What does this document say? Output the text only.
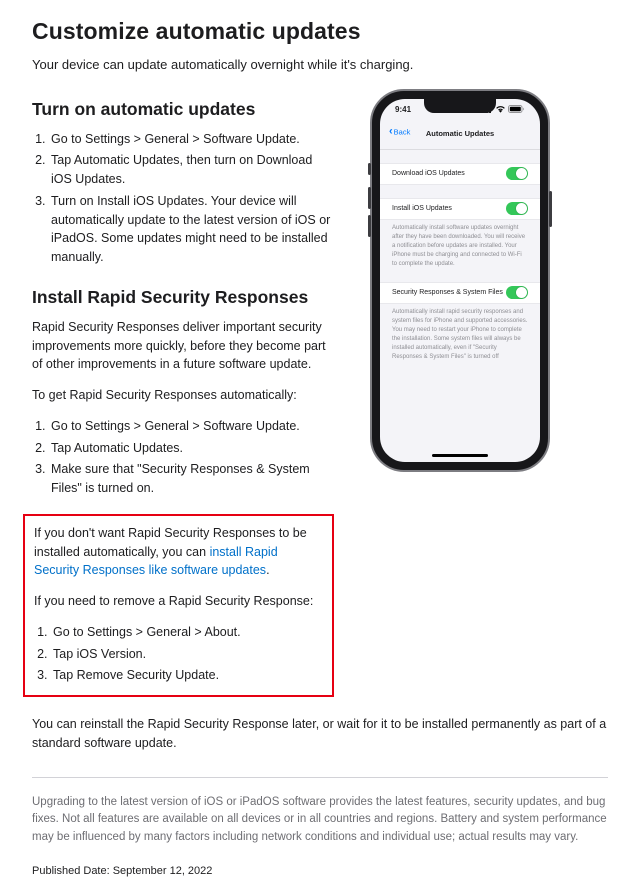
Customize automatic updates

Your device can update automatically overnight while it's charging.

Turn on automatic updates
1. Go to Settings > General > Software Update.
2. Tap Automatic Updates, then turn on Download iOS Updates.
3. Turn on Install iOS Updates. Your device will automatically update to the latest version of iOS or iPadOS. Some updates might need to be installed manually.
Install Rapid Security Responses

Rapid Security Responses deliver important security improvements more quickly, before they become part of other improvements in a future software update.

To get Rapid Security Responses automatically:

1. Go to Settings > General > Software Update.
2. Tap Automatic Updates.
3. Make sure that "Security Responses & System Files" is turned on.

If you don't want Rapid Security Responses to be installed automatically, you can install Rapid Security Responses like software updates.

If you need to remove a Rapid Security Response:

1. Go to Settings > General > About.
2. Tap iOS Version.
3. Tap Remove Security Update.
9:41
‹ Back Automatic Updates
Download iOS Updates
Install iOS Updates
Automatically install software updates overnight after they have been downloaded. You will receive a notification before updates are installed. Your iPhone must be charging and connected to Wi-Fi to complete the update.
Security Responses & System Files
Automatically install rapid security responses and system files for iPhone and supported accessories. You may need to restart your iPhone to complete the installation. Some system files will always be installed automatically, even if "Security Responses & System Files" is turned off

You can reinstall the Rapid Security Response later, or wait for it to be installed permanently as part of a standard software update.

Upgrading to the latest version of iOS or iPadOS software provides the latest features, security updates, and bug fixes. Not all features are available on all devices or in all countries and regions. Battery and system performance may be influenced by many factors including network conditions and individual use; actual results may vary.

Published Date: September 12, 2022
